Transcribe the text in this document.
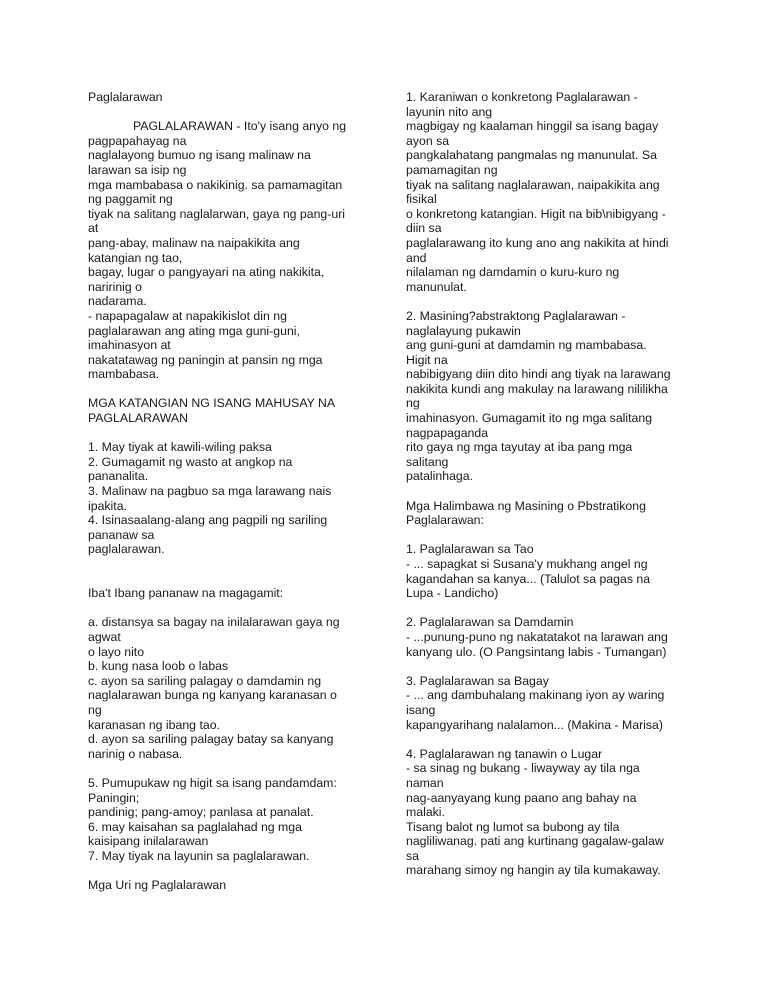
Paglalarawan
PAGLALARAWAN - Ito'y isang anyo ng
pagpapahayag na
naglalayong bumuo ng isang malinaw na
larawan sa isip ng
mga mambabasa o nakikinig. sa pamamagitan
ng paggamit ng
tiyak na salitang naglalarwan, gaya ng pang-uri
at
pang-abay, malinaw na naipakikita ang
katangian ng tao,
bagay, lugar o pangyayari na ating nakikita,
naririnig o
nadarama.
- napapagalaw at napakikislot din ng
paglalarawan ang ating mga guni-guni,
imahinasyon at
nakatatawag ng paningin at pansin ng mga
mambabasa.
MGA KATANGIAN NG ISANG MAHUSAY NA
PAGLALARAWAN
1. May tiyak at kawili-wiling paksa
2. Gumagamit ng wasto at angkop na
pananalita.
3. Malinaw na pagbuo sa mga larawang nais
ipakita.
4. Isinasaalang-alang ang pagpili ng sariling
pananaw sa
paglalarawan.
Iba't Ibang pananaw na magagamit:
a. distansya sa bagay na inilalarawan gaya ng
agwat
o layo nito
b. kung nasa loob o labas
c. ayon sa sariling palagay o damdamin ng
naglalarawan bunga ng kanyang karanasan o
ng
karanasan ng ibang tao.
d. ayon sa sariling palagay batay sa kanyang
narinig o nabasa.
5. Pumupukaw ng higit sa isang pandamdam:
Paningin;
pandinig; pang-amoy; panlasa at panalat.
6. may kaisahan sa paglalahad ng mga
kaisipang inilalarawan
7. May tiyak na layunin sa paglalarawan.
Mga Uri ng Paglalarawan
1. Karaniwan o konkretong Paglalarawan -
layunin nito ang
magbigay ng kaalaman hinggil sa isang bagay
ayon sa
pangkalahatang pangmalas ng manunulat. Sa
pamamagitan ng
tiyak na salitang naglalarawan, naipakikita ang
fisikal
o konkretong katangian. Higit na bib\nibigyang -
diin sa
paglalarawang ito kung ano ang nakikita at hindi
and
nilalaman ng damdamin o kuru-kuro ng
manunulat.
2. Masining?abstraktong Paglalarawan -
naglalayung pukawin
ang guni-guni at damdamin ng mambabasa.
Higit na
nabibigyang diin dito hindi ang tiyak na larawang
nakikita kundi ang makulay na larawang nililikha
ng
imahinasyon. Gumagamit ito ng mga salitang
nagpapaganda
rito gaya ng mga tayutay at iba pang mga
salitang
patalinhaga.
Mga Halimbawa ng Masining o Pbstratikong
Paglalarawan:
1. Paglalarawan sa Tao
- ... sapagkat si Susana'y mukhang angel ng
kagandahan sa kanya... (Talulot sa pagas na
Lupa - Landicho)
2. Paglalarawan sa Damdamin
- ...punung-puno ng nakatatakot na larawan ang
kanyang ulo. (O Pangsintang labis - Tumangan)
3. Paglalarawan sa Bagay
- ... ang dambuhalang makinang iyon ay waring
isang
kapangyarihang nalalamon... (Makina - Marisa)
4. Paglalarawan ng tanawin o Lugar
- sa sinag ng bukang - liwayway ay tila nga
naman
nag-aanyayang kung paano ang bahay na
malaki.
Tisang balot ng lumot sa bubong ay tila
nagliliwanag. pati ang kurtinang gagalaw-galaw
sa
marahang simoy ng hangin ay tila kumakaway.
